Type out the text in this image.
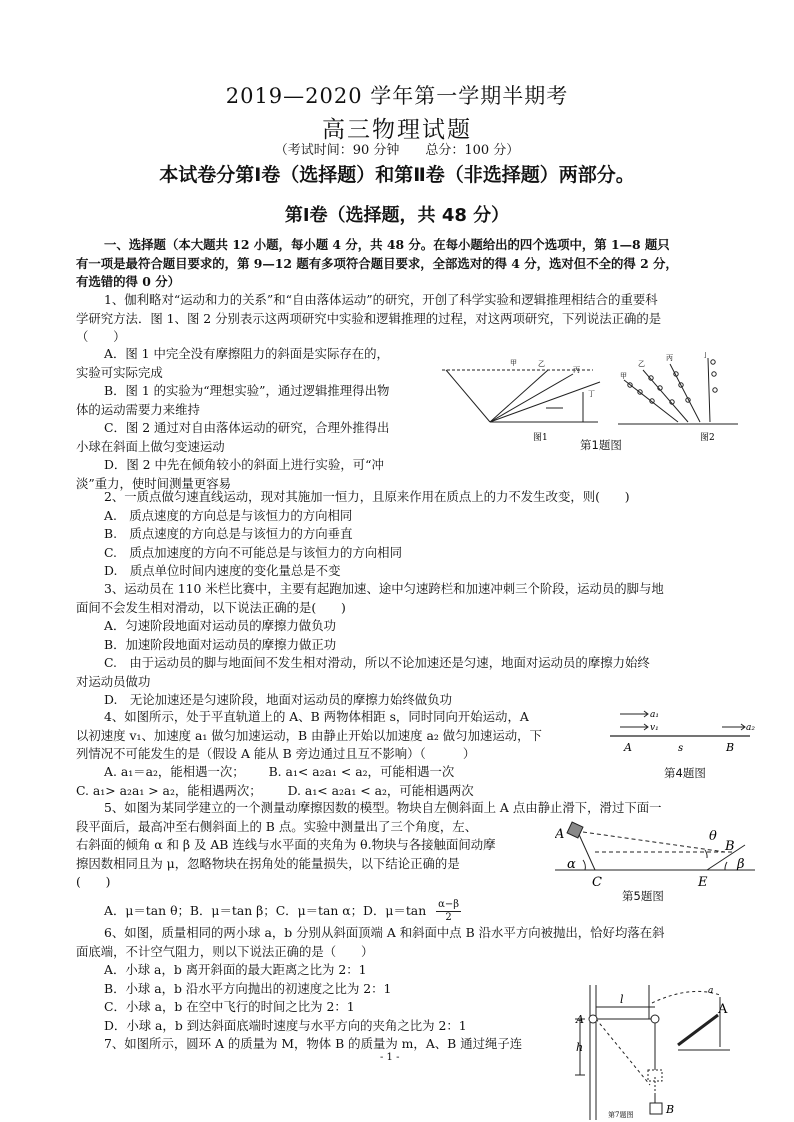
2019—2020 学年第一学期半期考
高三物理试题
（考试时间：90 分钟　　总分：100 分）
本试卷分第Ⅰ卷（选择题）和第Ⅱ卷（非选择题）两部分。
第Ⅰ卷（选择题，共 48 分）
一、选择题（本大题共 12 小题，每小题 4 分，共 48 分。在每小题给出的四个选项中，第 1—8 题只
有一项是最符合题目要求的，第 9—12 题有多项符合题目要求，全部选对的得 4 分，选对但不全的得 2 分，
有选错的得 0 分）
1、伽利略对“运动和力的关系”和“自由落体运动”的研究，开创了科学实验和逻辑推理相结合的重要科
学研究方法．图 1、图 2 分别表示这两项研究中实验和逻辑推理的过程，对这两项研究，下列说法正确的是
（　　）
A．图 1 中完全没有摩擦阻力的斜面是实际存在的，
实验可实际完成
B．图 1 的实验为“理想实验”，通过逻辑推理得出物
体的运动需要力来维持
C．图 2 通过对自由落体运动的研究，合理外推得出
小球在斜面上做匀变速运动
D．图 2 中先在倾角较小的斜面上进行实验，可“冲
淡”重力，使时间测量更容易
甲	乙
丙
丁
图1
甲
乙
丙	丁
图2
第1题图
2、一质点做匀速直线运动，现对其施加一恒力，且原来作用在质点上的力不发生改变，则(　　)
A.　质点速度的方向总是与该恒力的方向相同
B.　质点速度的方向总是与该恒力的方向垂直
C.　质点加速度的方向不可能总是与该恒力的方向相同
D.　质点单位时间内速度的变化量总是不变
3、运动员在 110 米栏比赛中，主要有起跑加速、途中匀速跨栏和加速冲刺三个阶段，运动员的脚与地
面间不会发生相对滑动，以下说法正确的是(　　)
A．匀速阶段地面对运动员的摩擦力做负功
B．加速阶段地面对运动员的摩擦力做正功
C.　由于运动员的脚与地面间不发生相对滑动，所以不论加速还是匀速，地面对运动员的摩擦力始终
对运动员做功
D.　无论加速还是匀速阶段，地面对运动员的摩擦力始终做负功
4、如图所示，处于平直轨道上的 A、B 两物体相距 s，同时同向开始运动，A
以初速度 v₁、加速度 a₁ 做匀加速运动，B 由静止开始以加速度 a₂ 做匀加速运动，下
列情况不可能发生的是（假设 A 能从 B 旁边通过且互不影响）（　　　）
A. a₁＝a₂，能相遇一次； B. a₁< a₂a₁ < a₂，可能相遇一次
C. a₁> a₂a₁ > a₂，能相遇两次； D. a₁< a₂a₁ < a₂，可能相遇两次
a₁
v₁	a₂
A	s	B
第4题图
5、如图为某同学建立的一个测量动摩擦因数的模型。物块自左侧斜面上 A 点由静止滑下，滑过下面一
段平面后，最高冲至右侧斜面上的 B 点。实验中测量出了三个角度，左、
右斜面的倾角 α 和 β 及 AB 连线与水平面的夹角为 θ.物块与各接触面间动摩
擦因数相同且为 μ，忽略物块在拐角处的能量损失，以下结论正确的是
(　　)
A．μ＝tan θ；B．μ＝tan β；C．μ＝tan α；D．$\mu=\tan \frac{\alpha-\beta}{2}$
A
B
C	E
α	β
θ
第5题图
6、如图，质量相同的两小球 a，b 分别从斜面顶端 A 和斜面中点 B 沿水平方向被抛出，恰好均落在斜
面底端，不计空气阻力，则以下说法正确的是（　　）
A．小球 a，b 离开斜面的最大距离之比为 2：1
B．小球 a，b 沿水平方向抛出的初速度之比为 2：1
C．小球 a，b 在空中飞行的时间之比为 2：1
D．小球 a，b 到达斜面底端时速度与水平方向的夹角之比为 2：1
7、如图所示，圆环 A 的质量为 M，物体 B 的质量为 m，A、B 通过绳子连
l
A
h
B
a
A
第7题图
- 1 -
